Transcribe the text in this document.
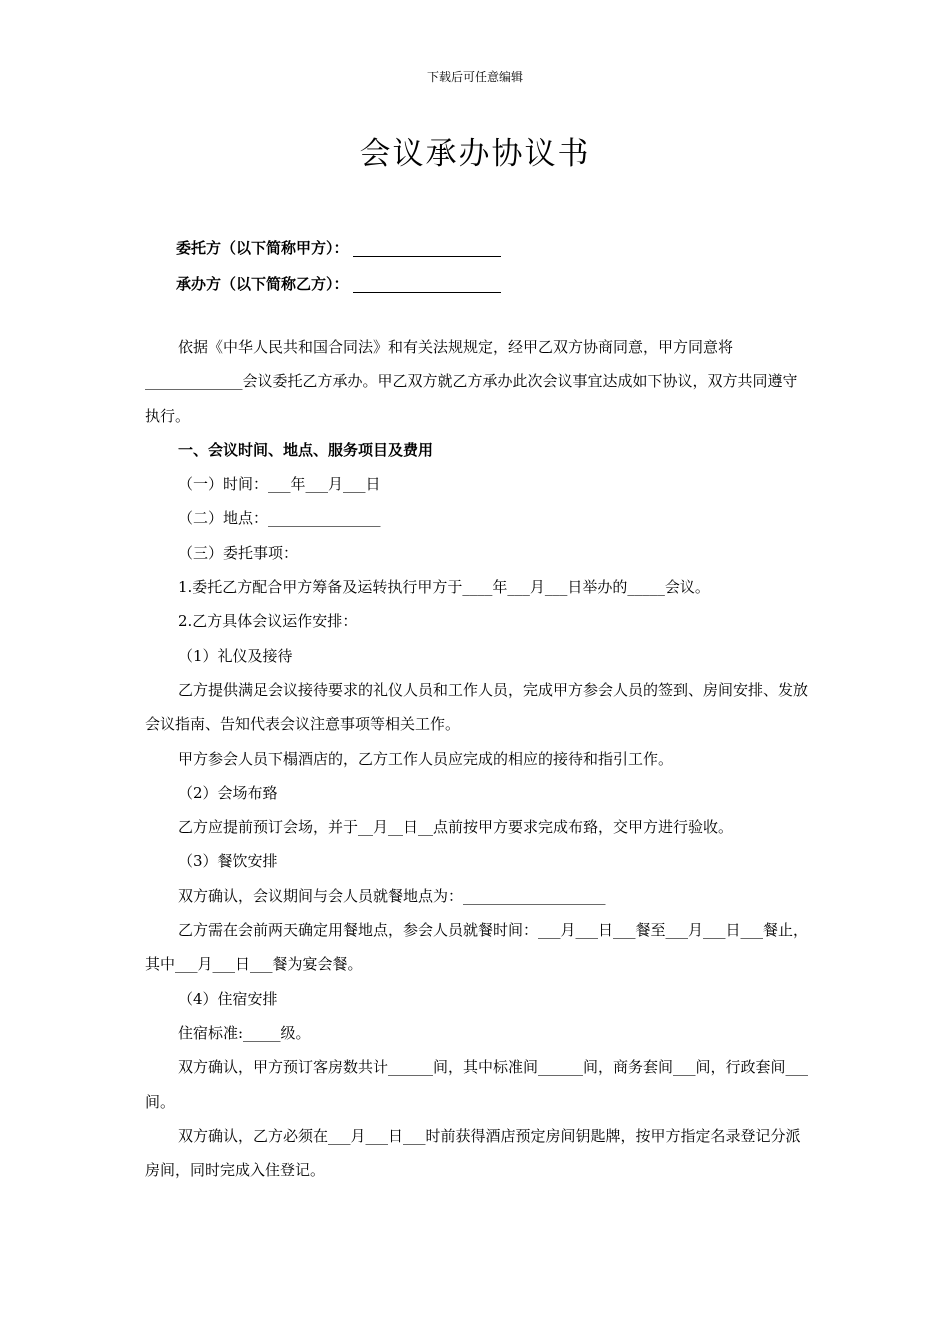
下载后可任意编辑
会议承办协议书
委托方（以下简称甲方）：
承办方（以下简称乙方）：

依据《中华人民共和国合同法》和有关法规规定，经甲乙双方协商同意，甲方同意将_____________会议委托乙方承办。甲乙双方就乙方承办此次会议事宜达成如下协议，双方共同遵守执行。

一、会议时间、地点、服务项目及费用

（一）时间：___年___月___日

（二）地点：_______________

（三）委托事项：

1.委托乙方配合甲方筹备及运转执行甲方于____年___月___日举办的_____会议。

2.乙方具体会议运作安排：

（1）礼仪及接待

乙方提供满足会议接待要求的礼仪人员和工作人员，完成甲方参会人员的签到、房间安排、发放会议指南、告知代表会议注意事项等相关工作。

甲方参会人员下榻酒店的，乙方工作人员应完成的相应的接待和指引工作。

（2）会场布臵

乙方应提前预订会场，并于__月__日__点前按甲方要求完成布臵，交甲方进行验收。

（3）餐饮安排

双方确认，会议期间与会人员就餐地点为：___________________

乙方需在会前两天确定用餐地点，参会人员就餐时间：___月___日___餐至___月___日___餐止，其中___月___日___餐为宴会餐。

（4）住宿安排

住宿标准:_____级。

双方确认，甲方预订客房数共计______间，其中标准间______间，商务套间___间，行政套间___间。

双方确认，乙方必须在___月___日___时前获得酒店预定房间钥匙牌，按甲方指定名录登记分派房间，同时完成入住登记。
